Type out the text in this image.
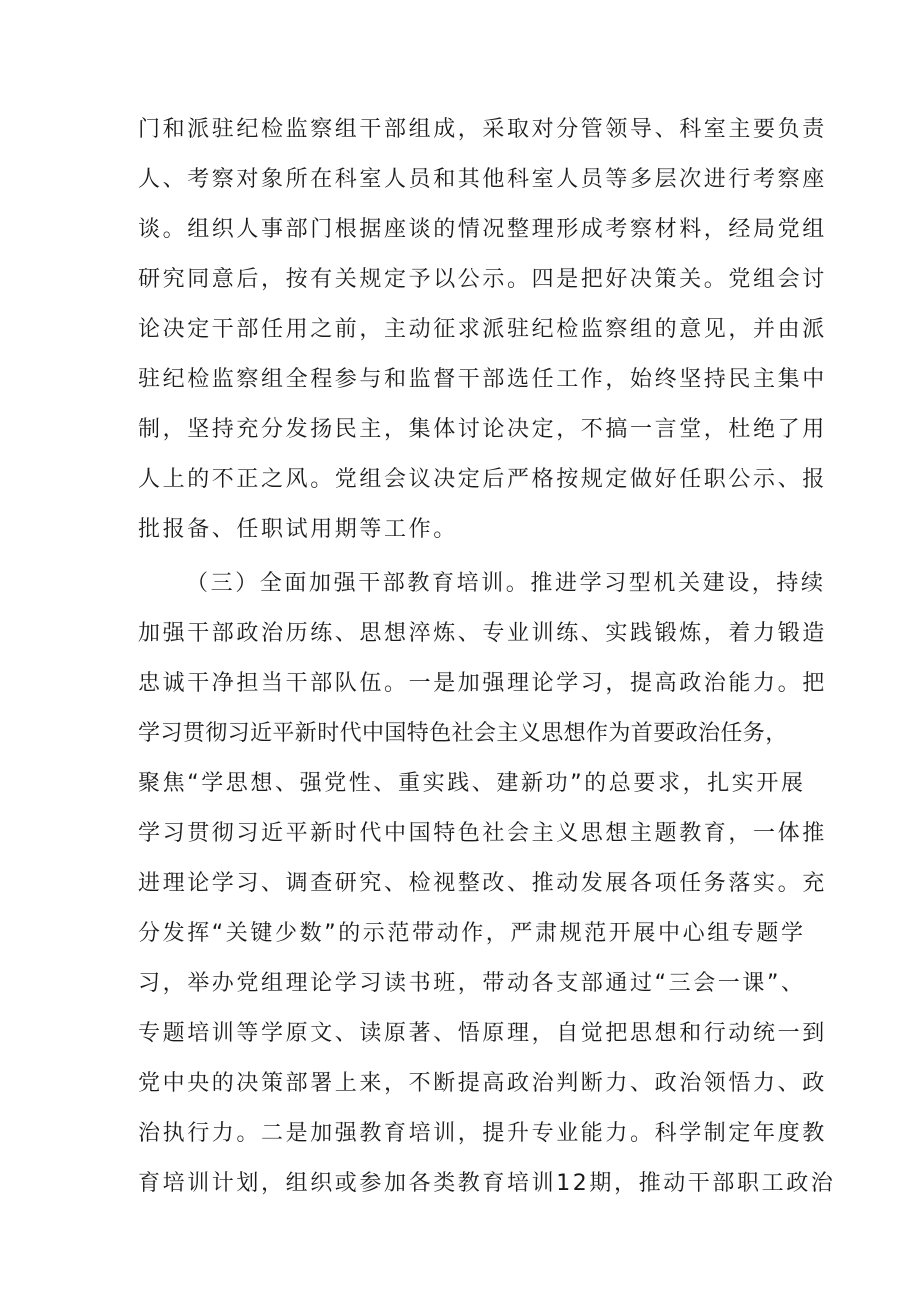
门和派驻纪检监察组干部组成，采取对分管领导、科室主要负责
人、考察对象所在科室人员和其他科室人员等多层次进行考察座
谈。组织人事部门根据座谈的情况整理形成考察材料，经局党组
研究同意后，按有关规定予以公示。四是把好决策关。党组会讨
论决定干部任用之前，主动征求派驻纪检监察组的意见，并由派
驻纪检监察组全程参与和监督干部选任工作，始终坚持民主集中
制，坚持充分发扬民主，集体讨论决定，不搞一言堂，杜绝了用
人上的不正之风。党组会议决定后严格按规定做好任职公示、报
批报备、任职试用期等工作。
（三）全面加强干部教育培训。推进学习型机关建设，持续
加强干部政治历练、思想淬炼、专业训练、实践锻炼，着力锻造
忠诚干净担当干部队伍。一是加强理论学习，提高政治能力。把
学习贯彻习近平新时代中国特色社会主义思想作为首要政治任务，
聚焦“学思想、强党性、重实践、建新功”的总要求，扎实开展
学习贯彻习近平新时代中国特色社会主义思想主题教育，一体推
进理论学习、调查研究、检视整改、推动发展各项任务落实。充
分发挥“关键少数”的示范带动作，严肃规范开展中心组专题学
习，举办党组理论学习读书班，带动各支部通过“三会一课”、
专题培训等学原文、读原著、悟原理，自觉把思想和行动统一到
党中央的决策部署上来，不断提高政治判断力、政治领悟力、政
治执行力。二是加强教育培训，提升专业能力。科学制定年度教
育培训计划，组织或参加各类教育培训12期，推动干部职工政治
